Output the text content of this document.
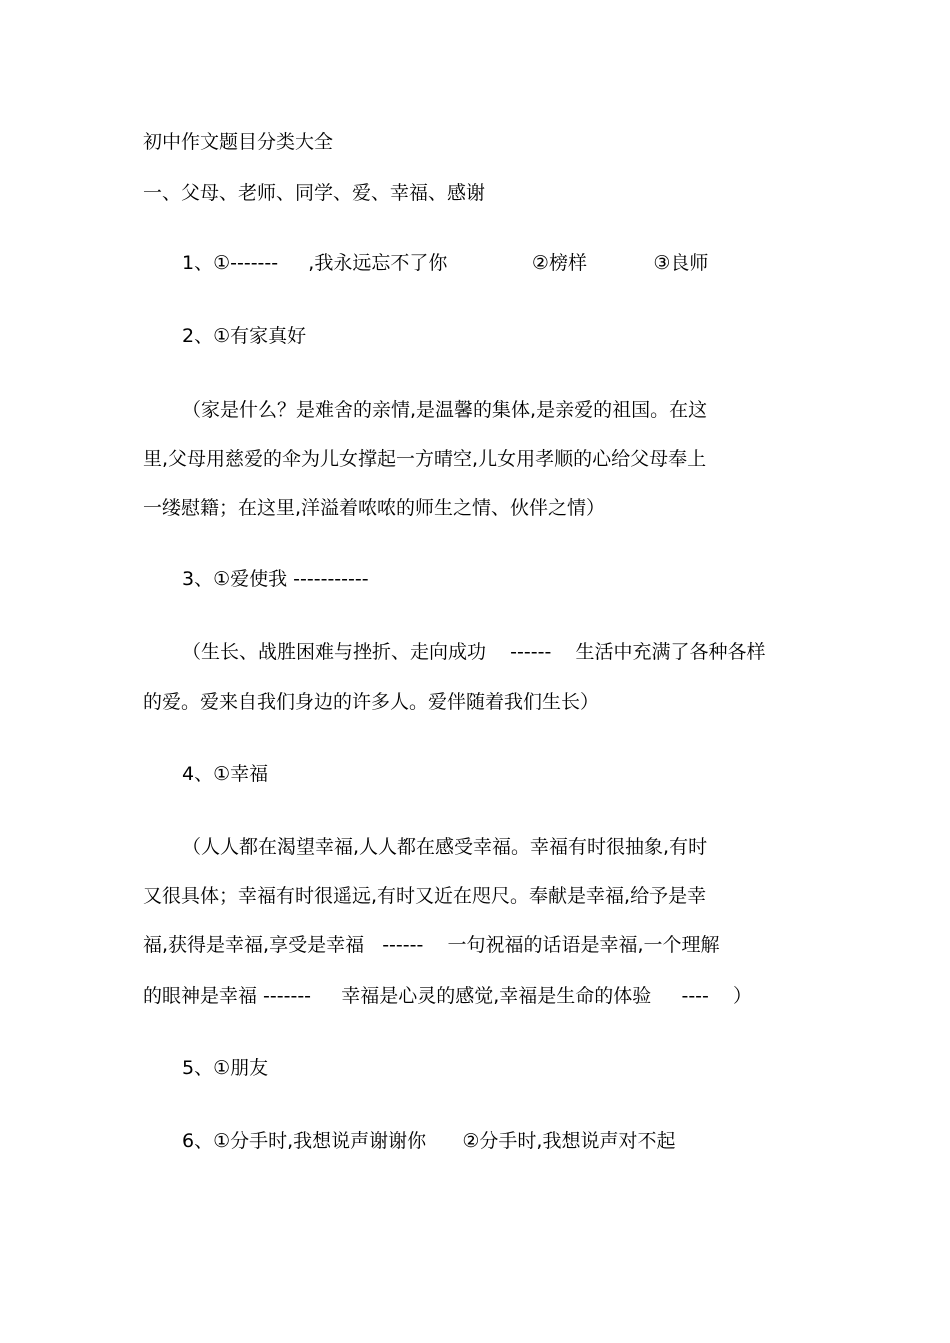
初中作文题目分类大全
一、父母、老师、同学、爱、幸福、感谢
1、①-------     ,我永远忘不了你              ②榜样           ③良师
2、①有家真好
（家是什么？是难舍的亲情,是温馨的集体,是亲爱的祖国。在这
里,父母用慈爱的伞为儿女撑起一方晴空,儿女用孝顺的心给父母奉上
一缕慰籍；在这里,洋溢着哝哝的师生之情、伙伴之情）
3、①爱使我 -----------
（生长、战胜困难与挫折、走向成功    ------    生活中充满了各种各样
的爱。爱来自我们身边的许多人。爱伴随着我们生长）
4、①幸福
（人人都在渴望幸福,人人都在感受幸福。幸福有时很抽象,有时
又很具体；幸福有时很遥远,有时又近在咫尺。奉献是幸福,给予是幸
福,获得是幸福,享受是幸福   ------    一句祝福的话语是幸福,一个理解
的眼神是幸福 -------     幸福是心灵的感觉,幸福是生命的体验     ----    ）
5、①朋友
6、①分手时,我想说声谢谢你      ②分手时,我想说声对不起
